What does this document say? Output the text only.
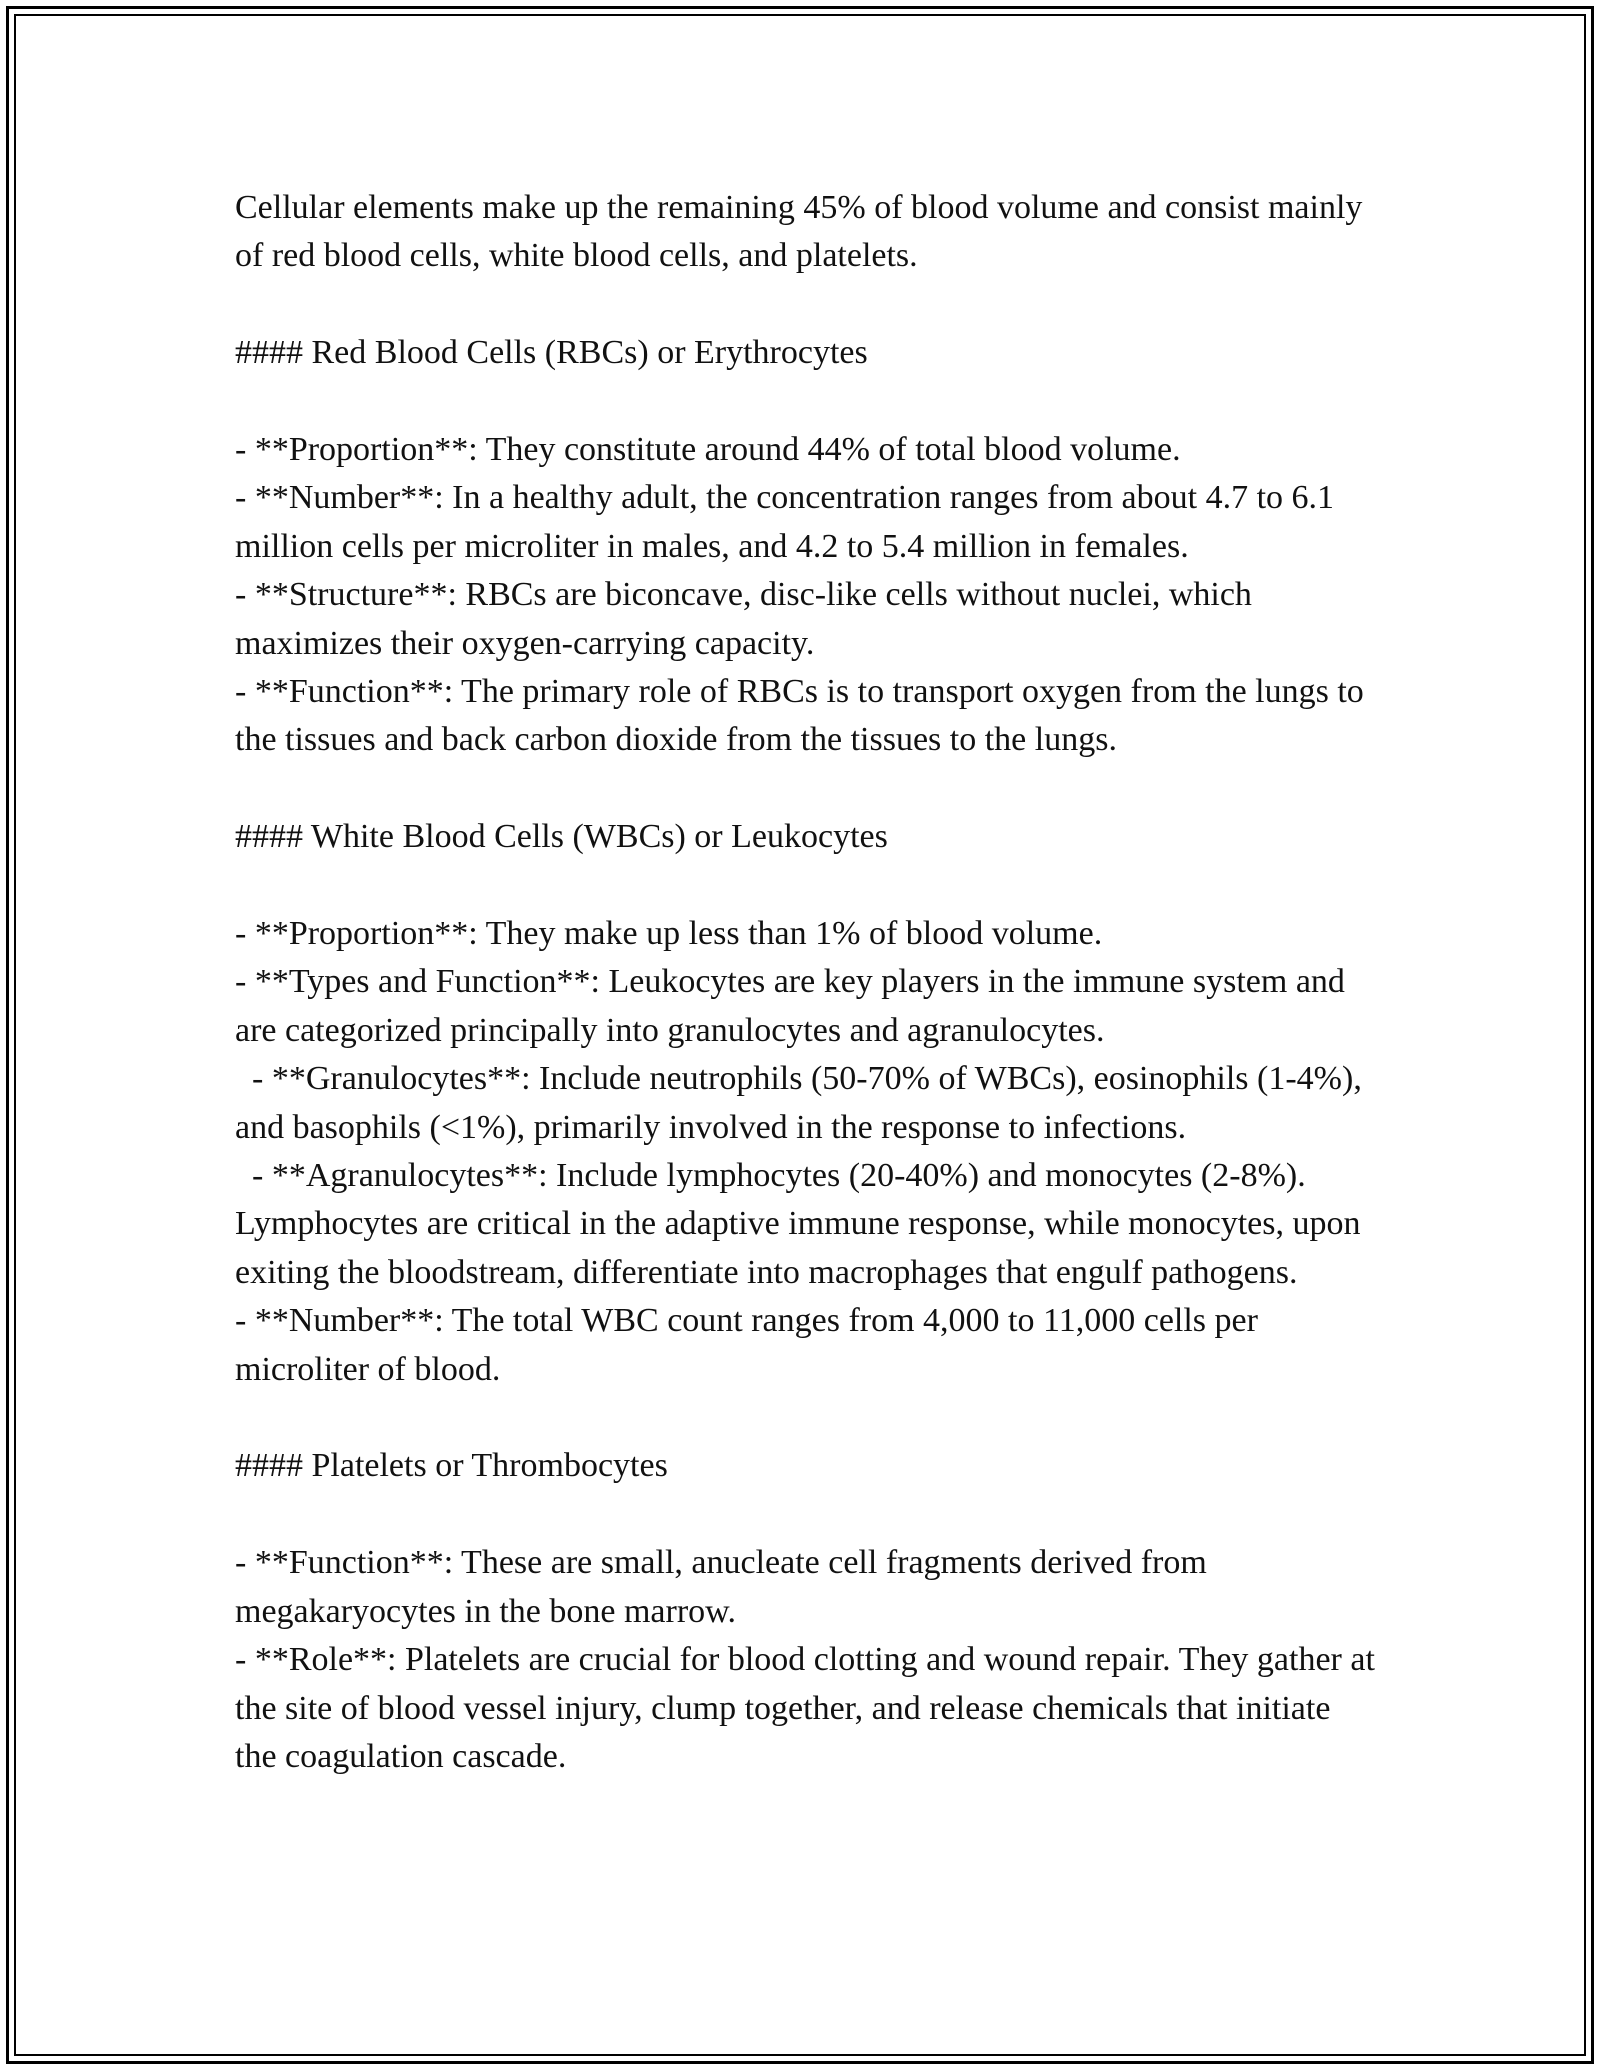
Cellular elements make up the remaining 45% of blood volume and consist mainly of red blood cells, white blood cells, and platelets.

#### Red Blood Cells (RBCs) or Erythrocytes

- **Proportion**: They constitute around 44% of total blood volume.

- **Number**: In a healthy adult, the concentration ranges from about 4.7 to 6.1 million cells per microliter in males, and 4.2 to 5.4 million in females.

- **Structure**: RBCs are biconcave, disc-like cells without nuclei, which maximizes their oxygen-carrying capacity.

- **Function**: The primary role of RBCs is to transport oxygen from the lungs to the tissues and back carbon dioxide from the tissues to the lungs.

#### White Blood Cells (WBCs) or Leukocytes

- **Proportion**: They make up less than 1% of blood volume.

- **Types and Function**: Leukocytes are key players in the immune system and are categorized principally into granulocytes and agranulocytes.

- **Granulocytes**: Include neutrophils (50-70% of WBCs), eosinophils (1-4%), and basophils (<1%), primarily involved in the response to infections.

- **Agranulocytes**: Include lymphocytes (20-40%) and monocytes (2-8%). Lymphocytes are critical in the adaptive immune response, while monocytes, upon exiting the bloodstream, differentiate into macrophages that engulf pathogens.

- **Number**: The total WBC count ranges from 4,000 to 11,000 cells per microliter of blood.

#### Platelets or Thrombocytes

- **Function**: These are small, anucleate cell fragments derived from megakaryocytes in the bone marrow.

- **Role**: Platelets are crucial for blood clotting and wound repair. They gather at the site of blood vessel injury, clump together, and release chemicals that initiate the coagulation cascade.
